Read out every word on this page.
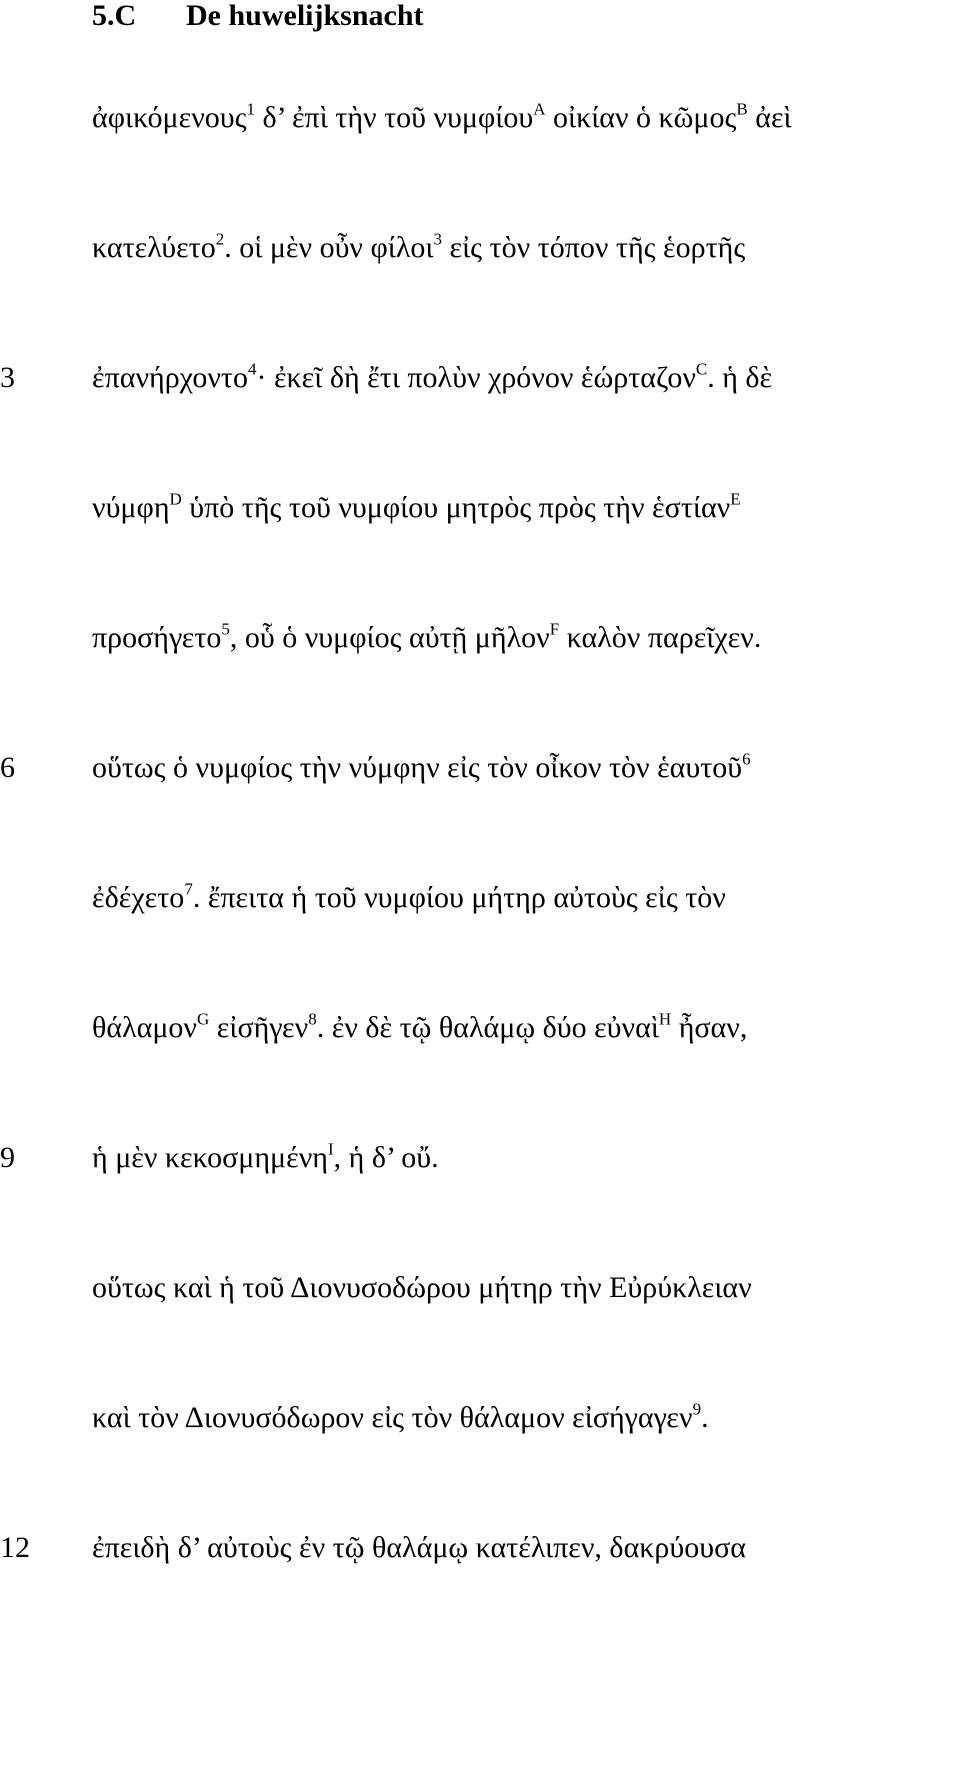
5.C De huwelijksnacht
ἀφικόμενους$^1$ δ’ ἐπὶ τὴν τοῦ νυμφίου$^A$ οἰκίαν ὁ κῶμος$^B$ ἀεὶ
κατελύετο$^2$. οἱ μὲν οὖν φίλοι$^3$ εἰς τὸν τόπον τῆς ἑορτῆς
3	ἐπανήρχοντο$^4$· ἐκεῖ δὴ ἔτι πολὺν χρόνον ἑώρταζον$^C$. ἡ δὲ
νύμφη$^D$ ὑπὸ τῆς τοῦ νυμφίου μητρὸς πρὸς τὴν ἑστίαν$^E$
προσήγετο$^5$, οὗ ὁ νυμφίος αὐτῇ μῆλον$^F$ καλὸν παρεῖχεν.
6	οὕτως ὁ νυμφίος τὴν νύμφην εἰς τὸν οἶκον τὸν ἑαυτοῦ$^6$
ἐδέχετο$^7$. ἔπειτα ἡ τοῦ νυμφίου μήτηρ αὐτοὺς εἰς τὸν
θάλαμον$^G$ εἰσῆγεν$^8$. ἐν δὲ τῷ θαλάμῳ δύο εὐναὶ$^H$ ἦσαν,
9	ἡ μὲν κεκοσμημένη$^I$, ἡ δ’ οὔ.
οὕτως καὶ ἡ τοῦ Διονυσοδώρου μήτηρ τὴν Εὐρύκλειαν
καὶ τὸν Διονυσόδωρον εἰς τὸν θάλαμον εἰσήγαγεν$^9$.
12 ἐπειδὴ δ’ αὐτοὺς ἐν τῷ θαλάμῳ κατέλιπεν, δακρύουσα
